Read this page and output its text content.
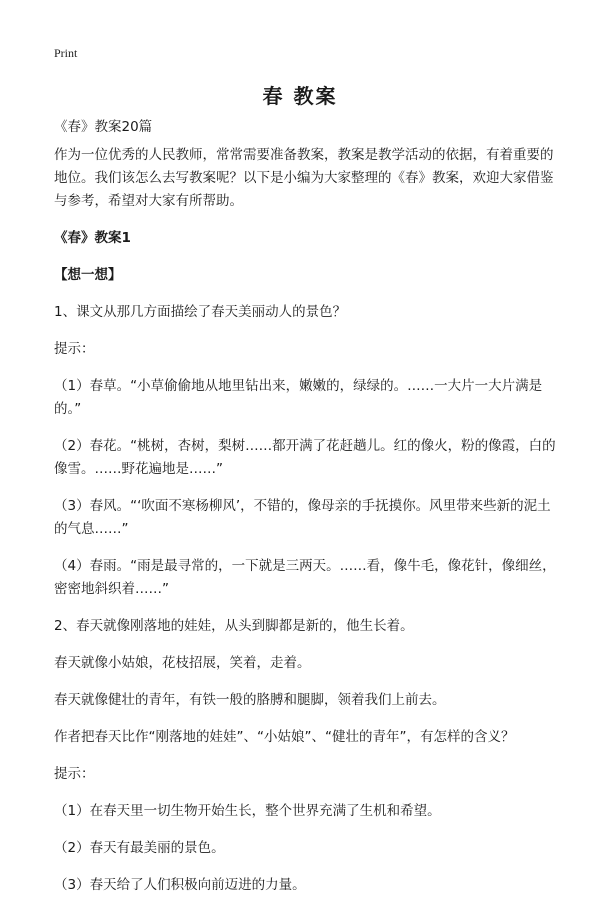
Print
春 教案

《春》教案20篇

作为一位优秀的人民教师，常常需要准备教案，教案是教学活动的依据，有着重要的地位。我们该怎么去写教案呢？以下是小编为大家整理的《春》教案，欢迎大家借鉴与参考，希望对大家有所帮助。

《春》教案1

【想一想】

1、课文从那几方面描绘了春天美丽动人的景色？

提示：

（1）春草。“小草偷偷地从地里钻出来，嫩嫩的，绿绿的。……一大片一大片满是的。”

（2）春花。“桃树，杏树，梨树……都开满了花赶趟儿。红的像火，粉的像霞，白的像雪。……野花遍地是……”

（3）春风。“‘吹面不寒杨柳风’，不错的，像母亲的手抚摸你。风里带来些新的泥土的气息……”

（4）春雨。“雨是最寻常的，一下就是三两天。……看，像牛毛，像花针，像细丝，密密地斜织着……”

2、春天就像刚落地的娃娃，从头到脚都是新的，他生长着。

春天就像小姑娘，花枝招展，笑着，走着。

春天就像健壮的青年，有铁一般的胳膊和腿脚，领着我们上前去。

作者把春天比作“刚落地的娃娃”、“小姑娘”、“健壮的青年”，有怎样的含义？

提示：

（1）在春天里一切生物开始生长，整个世界充满了生机和希望。

（2）春天有最美丽的景色。

（3）春天给了人们积极向前迈进的力量。
